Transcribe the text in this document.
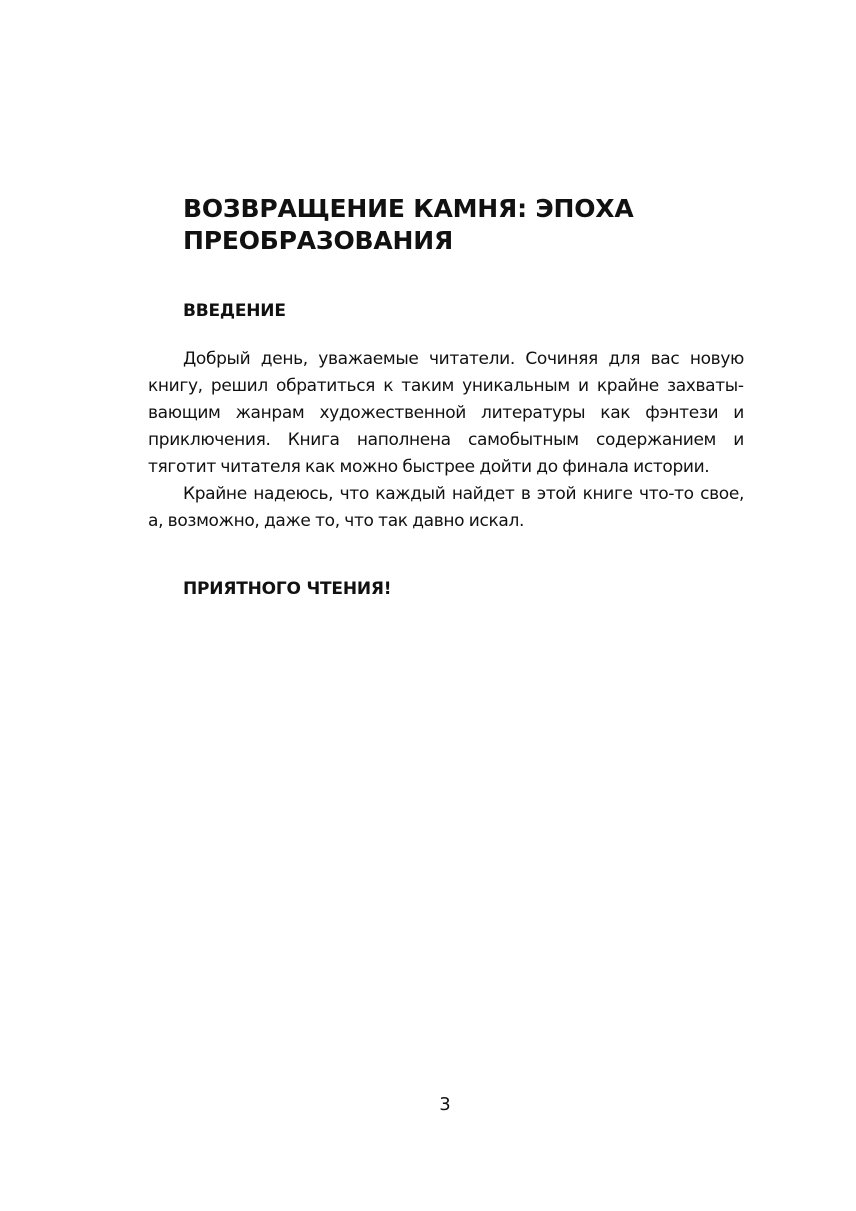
ВОЗВРАЩЕНИЕ КАМНЯ: ЭПОХА
ПРЕОБРАЗОВАНИЯ
ВВЕДЕНИЕ

Добрый день, уважаемые читатели. Сочиняя для вас новую книгу, решил обратиться к таким уникальным и крайне захватывающим жанрам художественной литературы как фэнтези и приключения. Книга наполнена самобытным содержанием и тяготит читателя как можно быстрее дойти до финала истории.

Крайне надеюсь, что каждый найдет в этой книге что-то свое, а, возможно, даже то, что так давно искал.

ПРИЯТНОГО ЧТЕНИЯ!
3
